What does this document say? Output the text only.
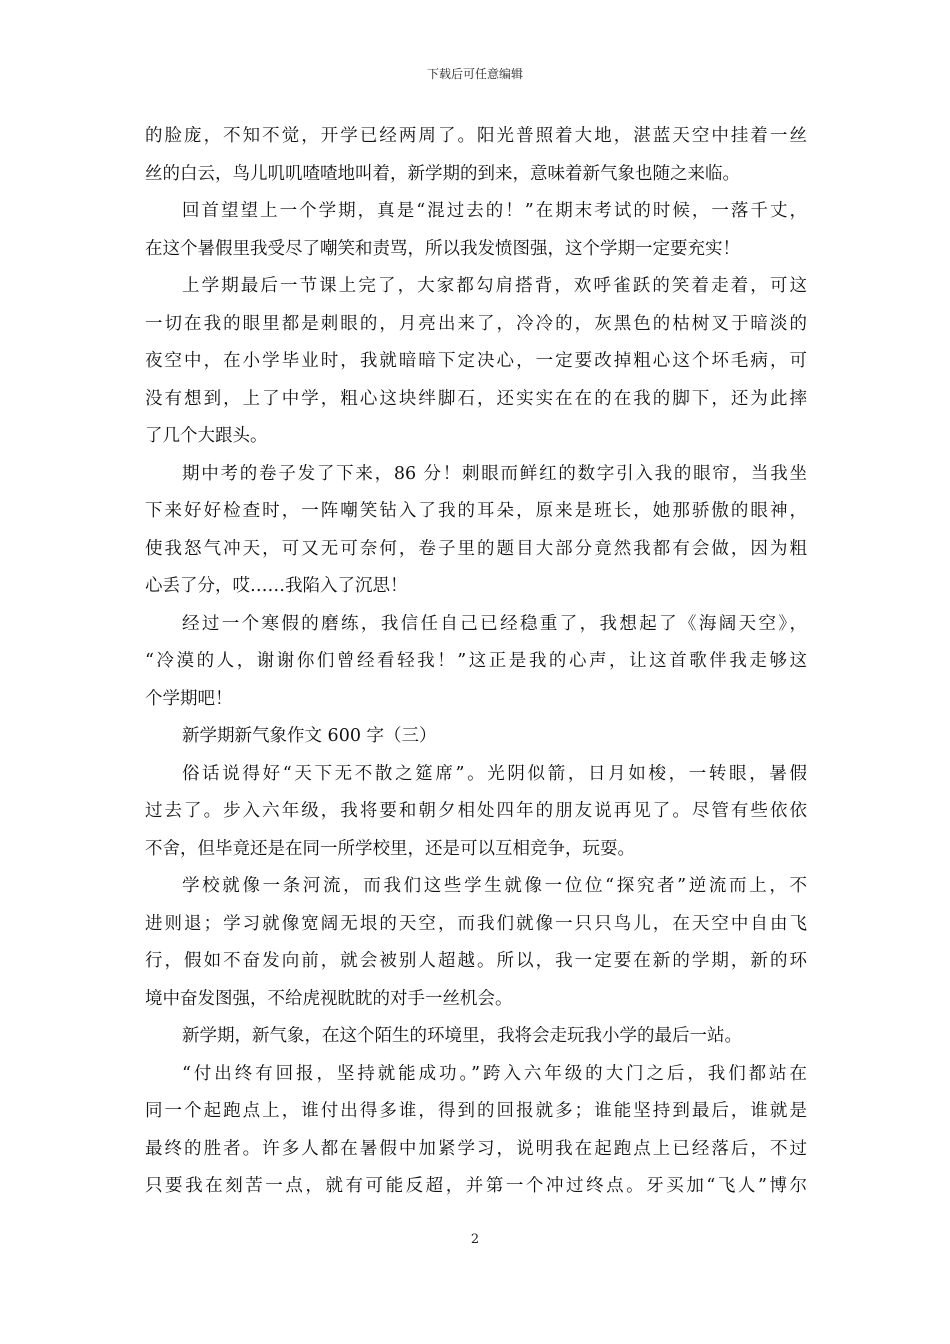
下载后可任意编辑
的脸庞，不知不觉，开学已经两周了。阳光普照着大地，湛蓝天空中挂着一丝
丝的白云，鸟儿叽叽喳喳地叫着，新学期的到来，意味着新气象也随之来临。
回首望望上一个学期，真是“混过去的！”在期末考试的时候，一落千丈，
在这个暑假里我受尽了嘲笑和责骂，所以我发愤图强，这个学期一定要充实！
上学期最后一节课上完了，大家都勾肩搭背，欢呼雀跃的笑着走着，可这
一切在我的眼里都是刺眼的，月亮出来了，冷冷的，灰黑色的枯树叉于暗淡的
夜空中，在小学毕业时，我就暗暗下定决心，一定要改掉粗心这个坏毛病，可
没有想到，上了中学，粗心这块绊脚石，还实实在在的在我的脚下，还为此摔
了几个大跟头。
期中考的卷子发了下来，86 分！刺眼而鲜红的数字引入我的眼帘，当我坐
下来好好检查时，一阵嘲笑钻入了我的耳朵，原来是班长，她那骄傲的眼神，
使我怒气冲天，可又无可奈何，卷子里的题目大部分竟然我都有会做，因为粗
心丢了分，哎……我陷入了沉思！
经过一个寒假的磨练，我信任自己已经稳重了，我想起了《海阔天空》，
“冷漠的人，谢谢你们曾经看轻我！”这正是我的心声，让这首歌伴我走够这
个学期吧！
新学期新气象作文 600 字（三）
俗话说得好“天下无不散之筵席”。光阴似箭，日月如梭，一转眼，暑假
过去了。步入六年级，我将要和朝夕相处四年的朋友说再见了。尽管有些依依
不舍，但毕竟还是在同一所学校里，还是可以互相竞争，玩耍。
学校就像一条河流，而我们这些学生就像一位位“探究者”逆流而上，不
进则退；学习就像宽阔无垠的天空，而我们就像一只只鸟儿，在天空中自由飞
行，假如不奋发向前，就会被别人超越。所以，我一定要在新的学期，新的环
境中奋发图强，不给虎视眈眈的对手一丝机会。
新学期，新气象，在这个陌生的环境里，我将会走玩我小学的最后一站。
“付出终有回报，坚持就能成功。”跨入六年级的大门之后，我们都站在
同一个起跑点上，谁付出得多谁，得到的回报就多；谁能坚持到最后，谁就是
最终的胜者。许多人都在暑假中加紧学习，说明我在起跑点上已经落后，不过
只要我在刻苦一点，就有可能反超，并第一个冲过终点。牙买加“飞人”博尔
2
